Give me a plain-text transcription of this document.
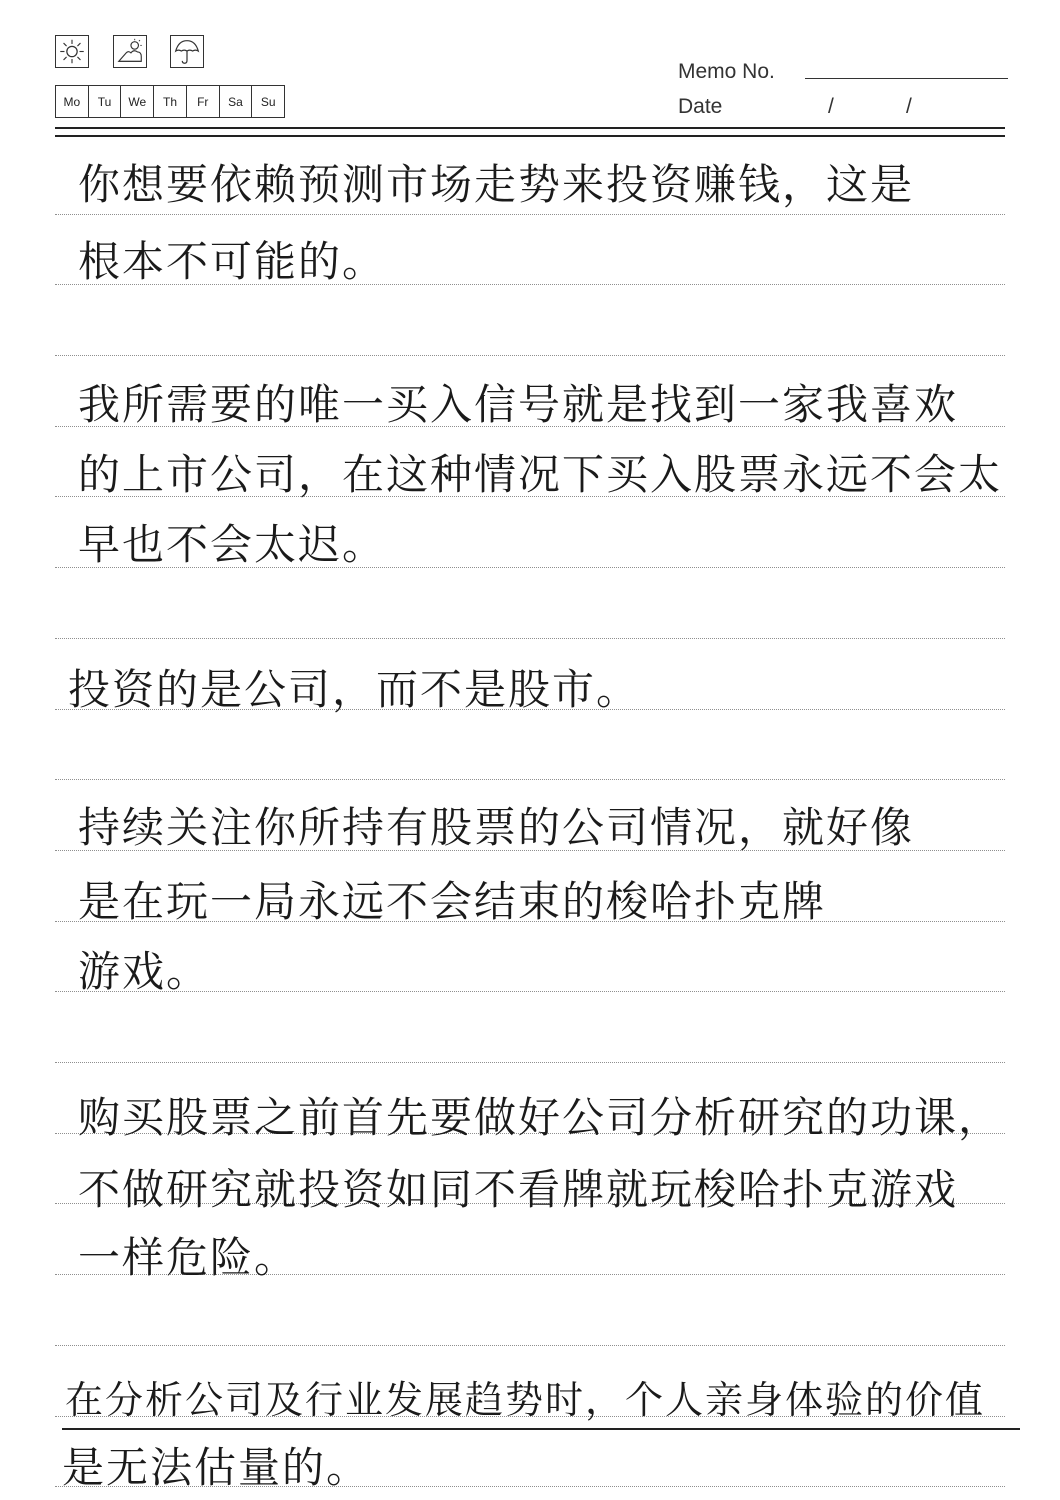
Mo	Tu	We	Th	Fr	Sa	Su
Memo No.
Date	/	/
你想要依赖预测市场走势来投资赚钱，这是
根本不可能的。
我所需要的唯一买入信号就是找到一家我喜欢
的上市公司，在这种情况下买入股票永远不会太
早也不会太迟。
投资的是公司，而不是股市。
持续关注你所持有股票的公司情况，就好像
是在玩一局永远不会结束的梭哈扑克牌
游戏。
购买股票之前首先要做好公司分析研究的功课，
不做研究就投资如同不看牌就玩梭哈扑克游戏
一样危险。
在分析公司及行业发展趋势时，个人亲身体验的价值
是无法估量的。
